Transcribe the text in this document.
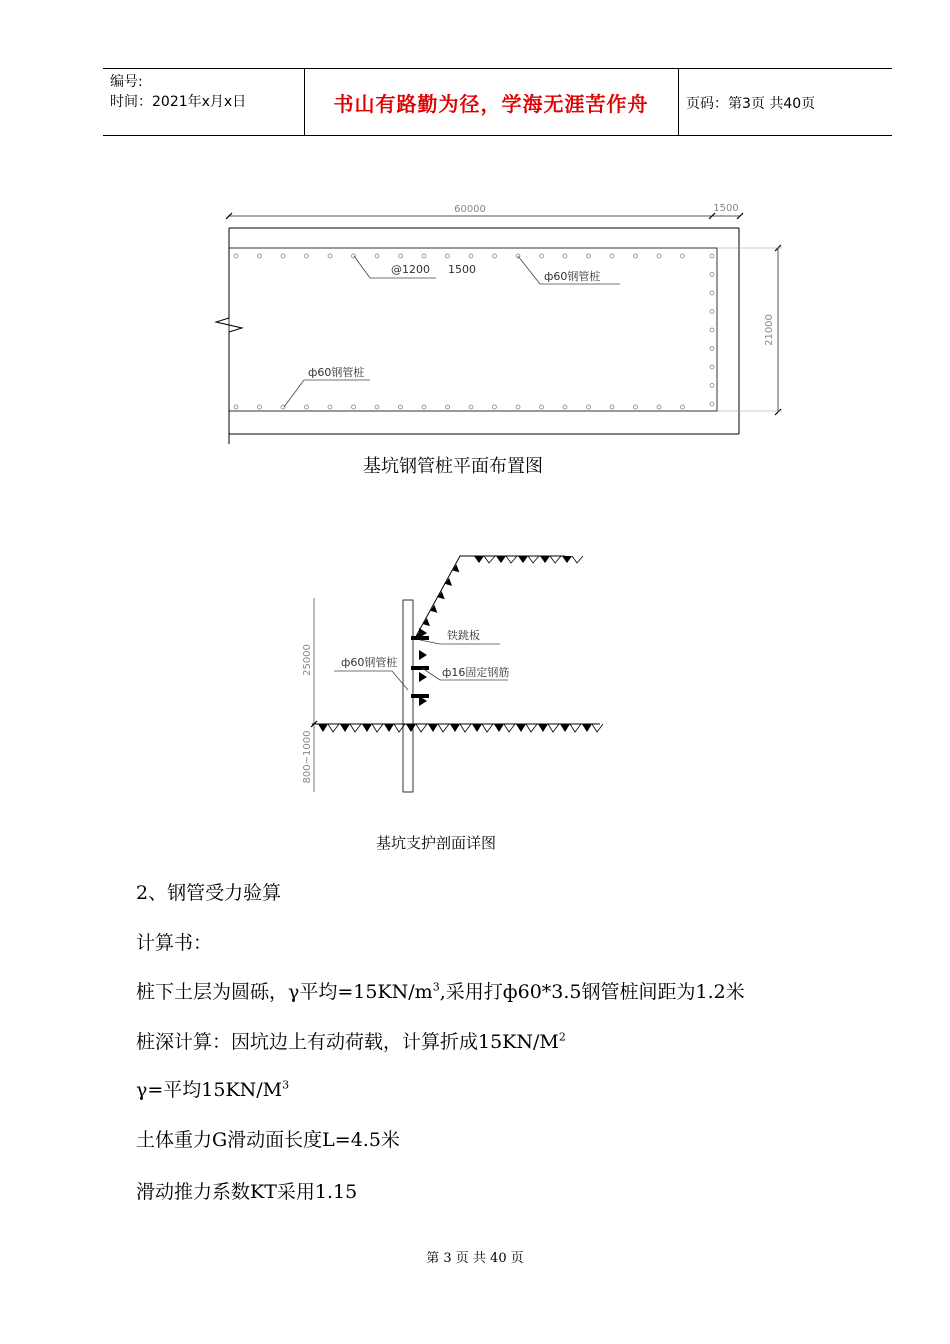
编号:
时间：2021年x月x日	书山有路勤为径，学海无涯苦作舟	页码：第3页 共40页
60000	1500
21000
@1200 1500
ф60钢管桩
ф60钢管桩
基坑钢管桩平面布置图
25000
800~1000
ф60钢管桩
铁跳板
ф16固定钢筋
基坑支护剖面详图
2、钢管受力验算
计算书：
桩下土层为圆砾，γ平均$=15KN/m^3$,采用打ф60*3.5钢管桩间距为1.2米
桩深计算：因坑边上有动荷载，计算折成$15KN/M^2$
γ=平均$15KN/M^3$
土体重力G滑动面长度L=4.5米
滑动推力系数KT采用1.15
第 3 页 共 40 页
